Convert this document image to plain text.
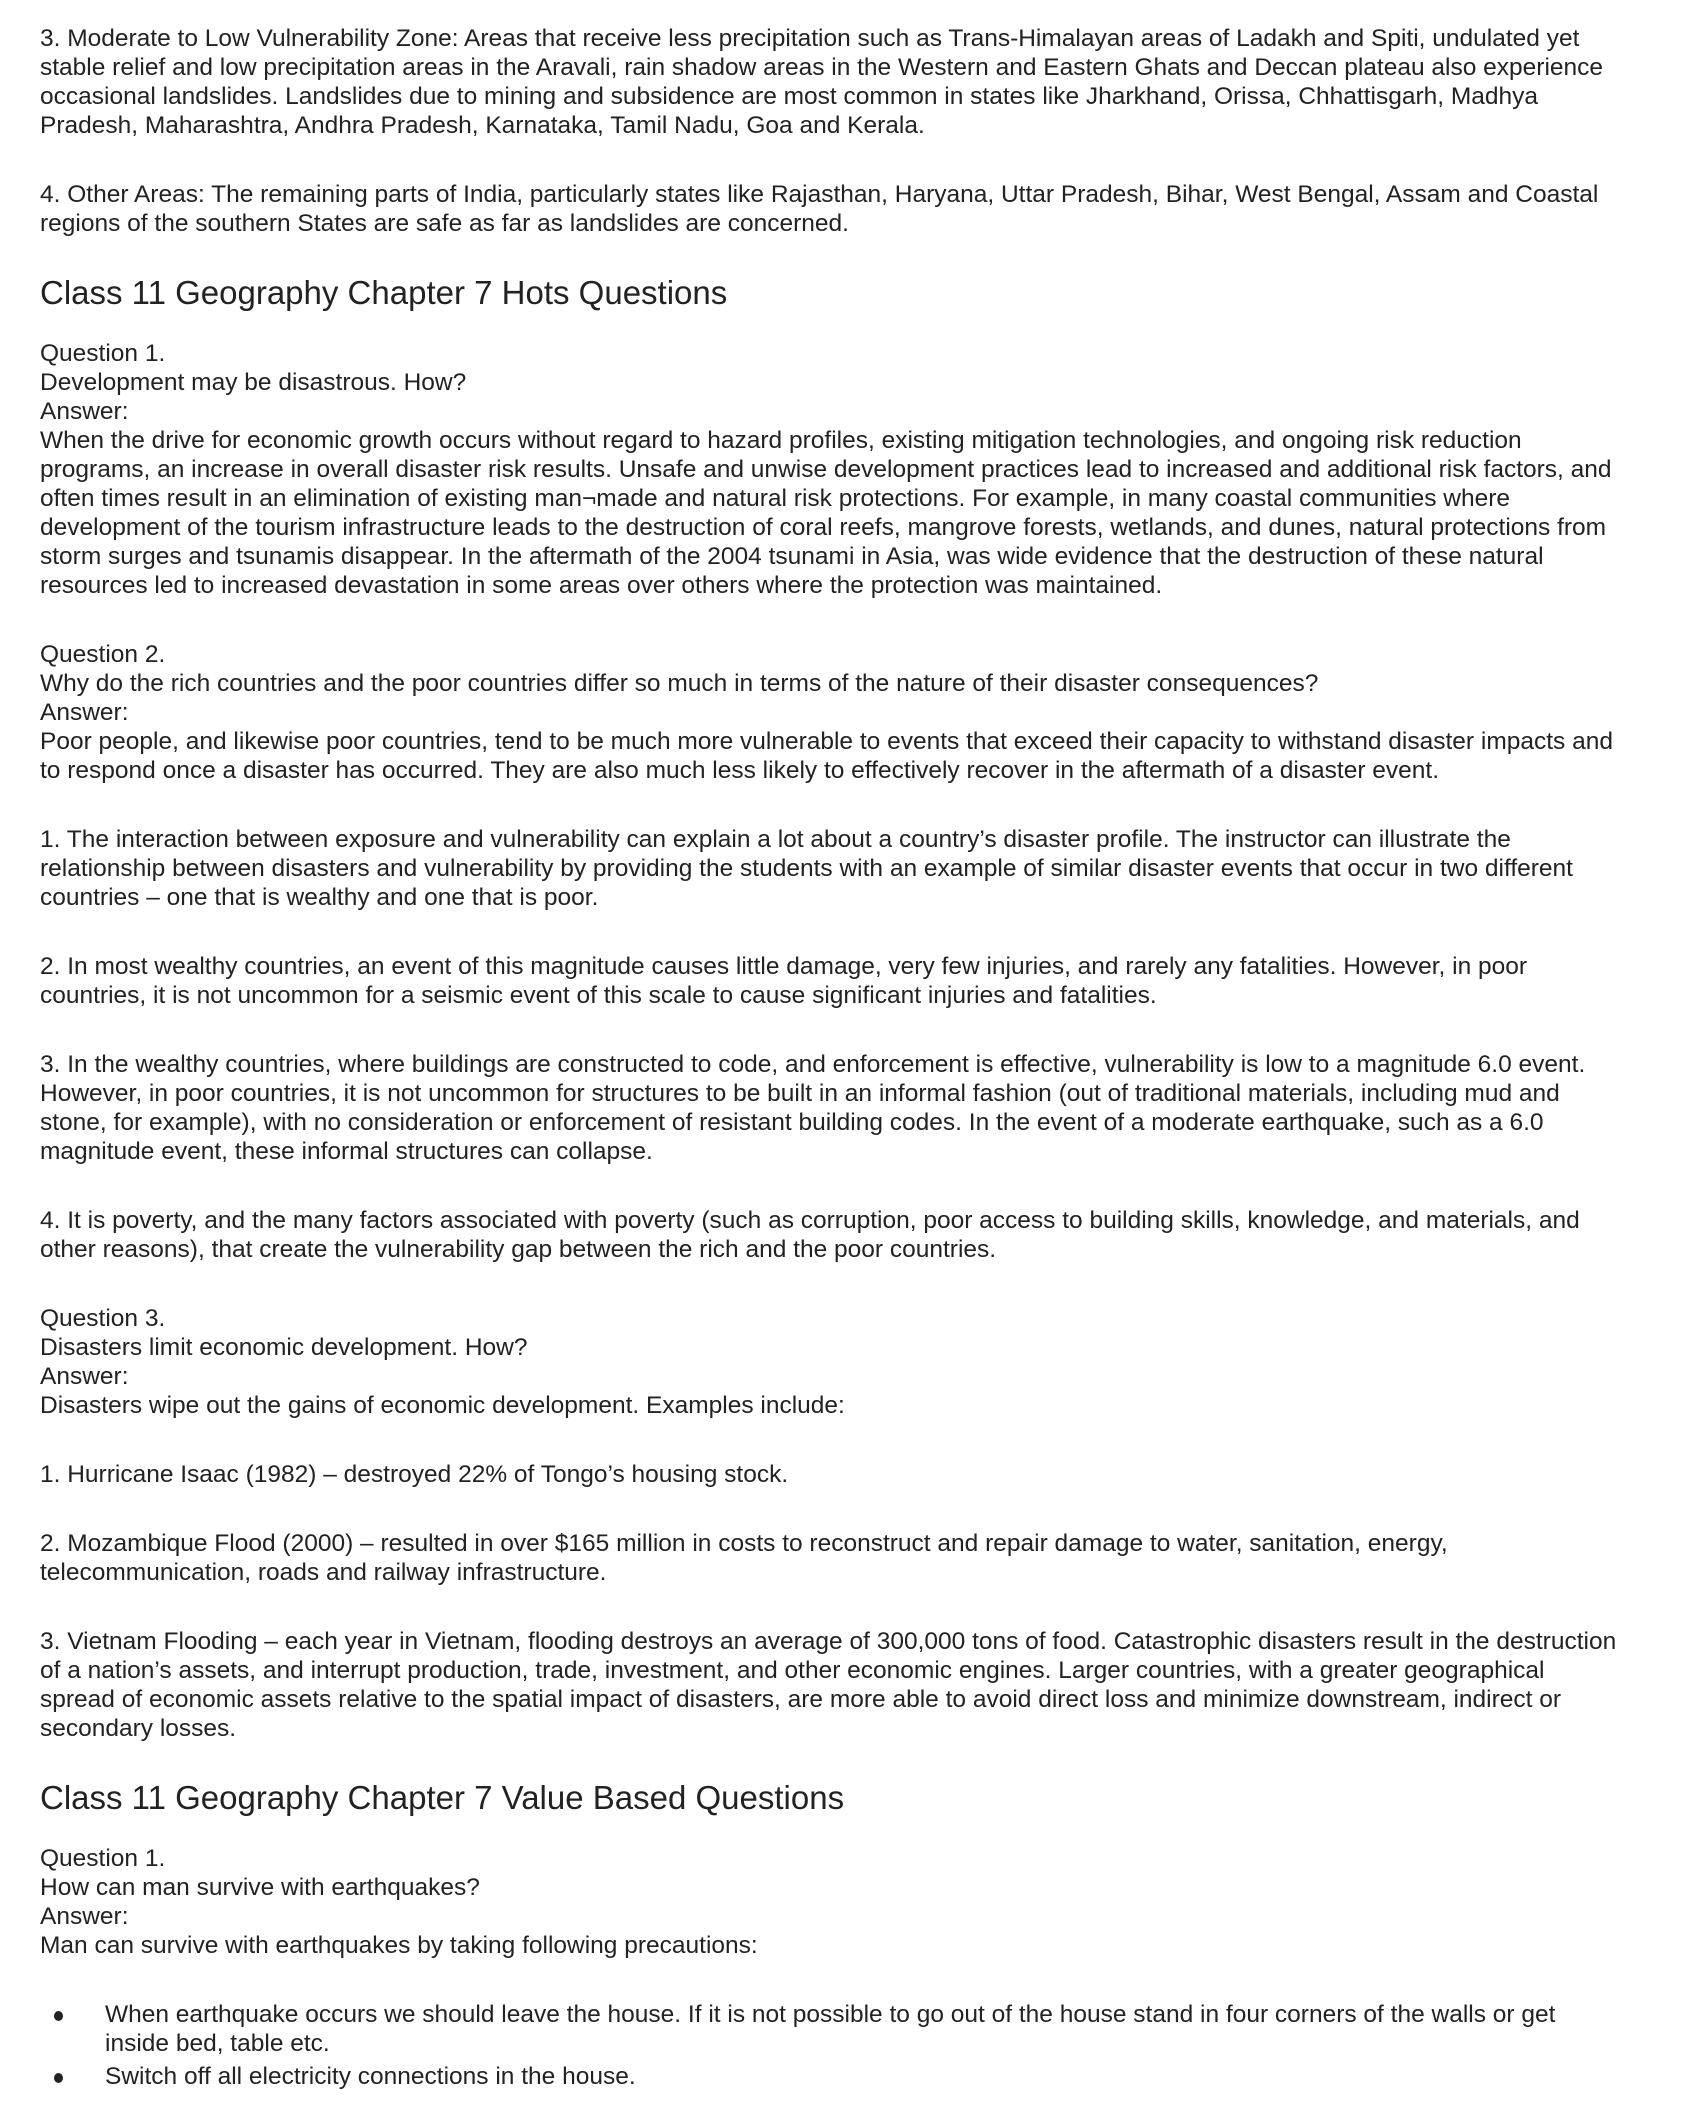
3. Moderate to Low Vulnerability Zone: Areas that receive less precipitation such as Trans-Himalayan areas of Ladakh and Spiti, undulated yet stable relief and low precipitation areas in the Aravali, rain shadow areas in the Western and Eastern Ghats and Deccan plateau also experience occasional landslides. Landslides due to mining and subsidence are most common in states like Jharkhand, Orissa, Chhattisgarh, Madhya Pradesh, Maharashtra, Andhra Pradesh, Karnataka, Tamil Nadu, Goa and Kerala.

4. Other Areas: The remaining parts of India, particularly states like Rajasthan, Haryana, Uttar Pradesh, Bihar, West Bengal, Assam and Coastal regions of the southern States are safe as far as landslides are concerned.

Class 11 Geography Chapter 7 Hots Questions

Question 1.

Development may be disastrous. How?

Answer:

When the drive for economic growth occurs without regard to hazard profiles, existing mitigation technologies, and ongoing risk reduction programs, an increase in overall disaster risk results. Unsafe and unwise development practices lead to increased and additional risk factors, and often times result in an elimination of existing man¬made and natural risk protections. For example, in many coastal communities where development of the tourism infrastructure leads to the destruction of coral reefs, mangrove forests, wetlands, and dunes, natural protections from storm surges and tsunamis disappear. In the aftermath of the 2004 tsunami in Asia, was wide evidence that the destruction of these natural resources led to increased devastation in some areas over others where the protection was maintained.

Question 2.

Why do the rich countries and the poor countries differ so much in terms of the nature of their disaster consequences?

Answer:

Poor people, and likewise poor countries, tend to be much more vulnerable to events that exceed their capacity to withstand disaster impacts and to respond once a disaster has occurred. They are also much less likely to effectively recover in the aftermath of a disaster event.

1. The interaction between exposure and vulnerability can explain a lot about a country’s disaster profile. The instructor can illustrate the relationship between disasters and vulnerability by providing the students with an example of similar disaster events that occur in two different countries – one that is wealthy and one that is poor.

2. In most wealthy countries, an event of this magnitude causes little damage, very few injuries, and rarely any fatalities. However, in poor countries, it is not uncommon for a seismic event of this scale to cause significant injuries and fatalities.

3. In the wealthy countries, where buildings are constructed to code, and enforcement is effective, vulnerability is low to a magnitude 6.0 event. However, in poor countries, it is not uncommon for structures to be built in an informal fashion (out of traditional materials, including mud and stone, for example), with no consideration or enforcement of resistant building codes. In the event of a moderate earthquake, such as a 6.0 magnitude event, these informal structures can collapse.

4. It is poverty, and the many factors associated with poverty (such as corruption, poor access to building skills, knowledge, and materials, and other reasons), that create the vulnerability gap between the rich and the poor countries.

Question 3.

Disasters limit economic development. How?

Answer:

Disasters wipe out the gains of economic development. Examples include:

1. Hurricane Isaac (1982) – destroyed 22% of Tongo’s housing stock.

2. Mozambique Flood (2000) – resulted in over $165 million in costs to reconstruct and repair damage to water, sanitation, energy, telecommunication, roads and railway infrastructure.

3. Vietnam Flooding – each year in Vietnam, flooding destroys an average of 300,000 tons of food. Catastrophic disasters result in the destruction of a nation’s assets, and interrupt production, trade, investment, and other economic engines. Larger countries, with a greater geographical spread of economic assets relative to the spatial impact of disasters, are more able to avoid direct loss and minimize downstream, indirect or secondary losses.

Class 11 Geography Chapter 7 Value Based Questions

Question 1.

How can man survive with earthquakes?

Answer:

Man can survive with earthquakes by taking following precautions:

When earthquake occurs we should leave the house. If it is not possible to go out of the house stand in four corners of the walls or get inside bed, table etc.
Switch off all electricity connections in the house.
